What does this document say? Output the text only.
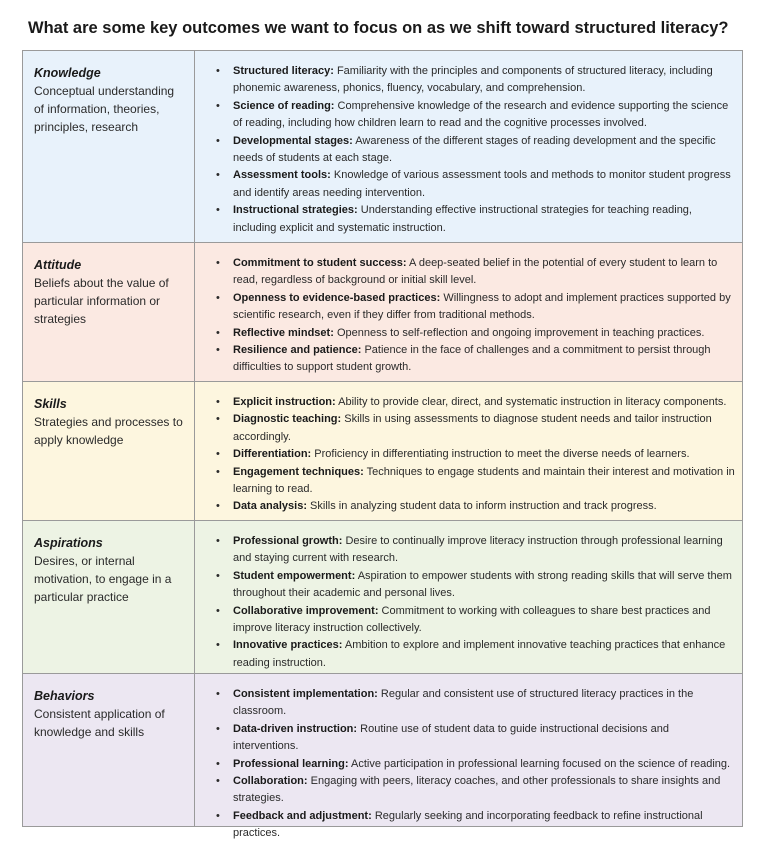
What are some key outcomes we want to focus on as we shift toward structured literacy?
Knowledge
Conceptual understanding of information, theories, principles, research
• Structured literacy: Familiarity with the principles and components of structured literacy, including phonemic awareness, phonics, fluency, vocabulary, and comprehension.
• Science of reading: Comprehensive knowledge of the research and evidence supporting the science of reading, including how children learn to read and the cognitive processes involved.
• Developmental stages: Awareness of the different stages of reading development and the specific needs of students at each stage.
• Assessment tools: Knowledge of various assessment tools and methods to monitor student progress and identify areas needing intervention.
• Instructional strategies: Understanding effective instructional strategies for teaching reading, including explicit and systematic instruction.
Attitude
Beliefs about the value of particular information or strategies
• Commitment to student success: A deep-seated belief in the potential of every student to learn to read, regardless of background or initial skill level.
• Openness to evidence-based practices: Willingness to adopt and implement practices supported by scientific research, even if they differ from traditional methods.
• Reflective mindset: Openness to self-reflection and ongoing improvement in teaching practices.
• Resilience and patience: Patience in the face of challenges and a commitment to persist through difficulties to support student growth.
Skills
Strategies and processes to apply knowledge
• Explicit instruction: Ability to provide clear, direct, and systematic instruction in literacy components.
• Diagnostic teaching: Skills in using assessments to diagnose student needs and tailor instruction accordingly.
• Differentiation: Proficiency in differentiating instruction to meet the diverse needs of learners.
• Engagement techniques: Techniques to engage students and maintain their interest and motivation in learning to read.
• Data analysis: Skills in analyzing student data to inform instruction and track progress.
Aspirations
Desires, or internal motivation, to engage in a particular practice
• Professional growth: Desire to continually improve literacy instruction through professional learning and staying current with research.
• Student empowerment: Aspiration to empower students with strong reading skills that will serve them throughout their academic and personal lives.
• Collaborative improvement: Commitment to working with colleagues to share best practices and improve literacy instruction collectively.
• Innovative practices: Ambition to explore and implement innovative teaching practices that enhance reading instruction.
Behaviors
Consistent application of knowledge and skills
• Consistent implementation: Regular and consistent use of structured literacy practices in the classroom.
• Data-driven instruction: Routine use of student data to guide instructional decisions and interventions.
• Professional learning: Active participation in professional learning focused on the science of reading.
• Collaboration: Engaging with peers, literacy coaches, and other professionals to share insights and strategies.
• Feedback and adjustment: Regularly seeking and incorporating feedback to refine instructional practices.
